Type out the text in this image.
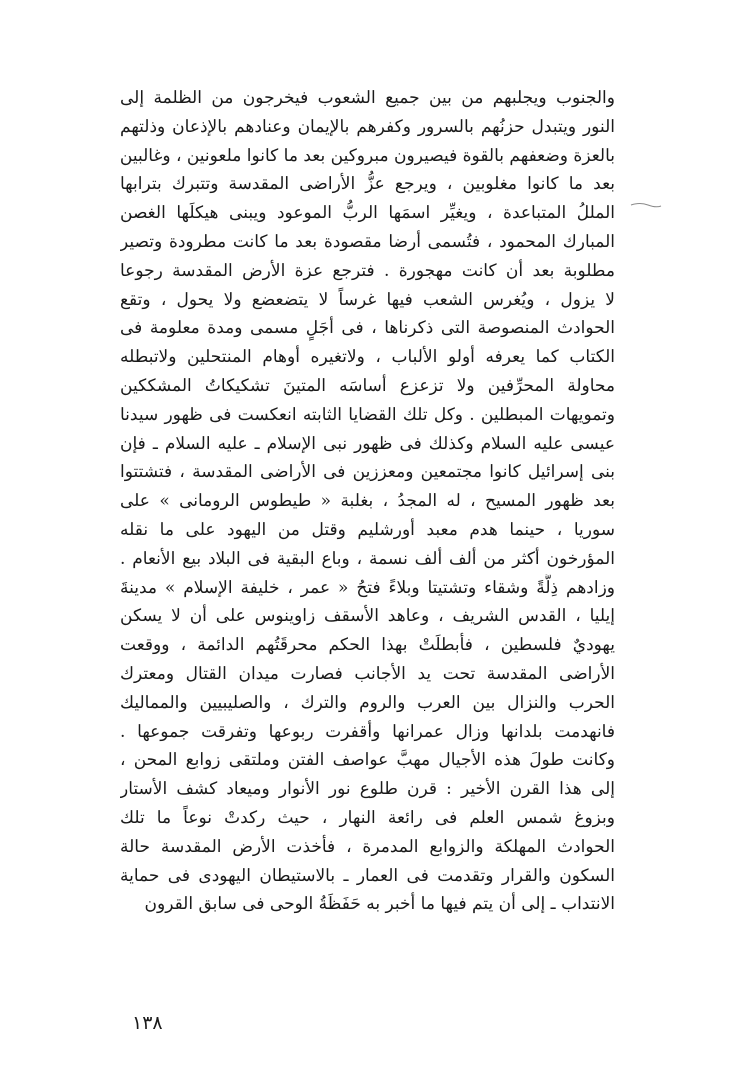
والجنوب ويجلبهم من بين جميع الشعوب فيخرجون من الظلمة إلى
النور ويتبدل حزنُهم بالسرور وكفرهم بالإيمان وعنادهم بالإذعان وذلتهم
بالعزة وضعفهم بالقوة فيصيرون مبروكين بعد ما كانوا ملعونين ، وغالبين
بعد ما كانوا مغلوبين ، ويرجع عزُّ الأراضى المقدسة وتتبرك بترابها
المللُ المتباعدة ، ويغيِّر اسمَها الربُّ الموعود ويبنى هيكلَها الغصن
المبارك المحمود ، فتُسمى أرضا مقصودة بعد ما كانت مطرودة وتصير
مطلوبة بعد أن كانت مهجورة . فترجع عزة الأرض المقدسة رجوعا
لا يزول ، ويُغرس الشعب فيها غرساً لا يتضعضع ولا يحول ، وتقع
الحوادث المنصوصة التى ذكرناها ، فى أجَلٍ مسمى ومدة معلومة فى
الكتاب كما يعرفه أولو الألباب ، ولاتغيره أوهام المنتحلين ولاتبطله
محاولة المحرِّفين ولا تزعزع أساسَه المتينَ تشكيكاتُ المشككين
وتمويهات المبطلين . وكل تلك القضايا الثابته انعكست فى ظهور سيدنا
عيسى عليه السلام وكذلك فى ظهور نبى الإسلام ـ عليه السلام ـ فإن
بنى إسرائيل كانوا مجتمعين ومعززين فى الأراضى المقدسة ، فتشتتوا
بعد ظهور المسيح ، له المجدُ ، بغلبة « طيطوس الرومانى » على
سوريا ، حينما هدم معبد أورشليم وقتل من اليهود على ما نقله
المؤرخون أكثر من ألف ألف نسمة ، وباع البقية فى البلاد بيع الأنعام .
وزادهم ذِلَّةً وشقاء وتشتيتا وبلاءً فتحُ « عمر ، خليفة الإسلام » مدينةَ
إيليا ، القدس الشريف ، وعاهد الأسقف زاوينوس على أن لا يسكن
يهوديٌ فلسطين ، فأبطلَتْ بهذا الحكم محرقَتُهم الدائمة ، ووقعت
الأراضى المقدسة تحت يد الأجانب فصارت ميدان القتال ومعترك
الحرب والنزال بين العرب والروم والترك ، والصليبيين والمماليك
فانهدمت بلدانها وزال عمرانها وأقفرت ربوعها وتفرقت جموعها .
وكانت طولَ هذه الأجيال مهبَّ عواصف الفتن وملتقى زوابع المحن ،
إلى هذا القرن الأخير : قرن طلوع نور الأنوار وميعاد كشف الأستار
وبزوغ شمس العلم فى رائعة النهار ، حيث ركدتْ نوعاً ما تلك
الحوادث المهلكة والزوابع المدمرة ، فأخذت الأرض المقدسة حالة
السكون والقرار وتقدمت فى العمار ـ بالاستيطان اليهودى فى حماية
الانتداب ـ إلى أن يتم فيها ما أخبر به حَفَظَةُ الوحى فى سابق القرون
١٣٨
